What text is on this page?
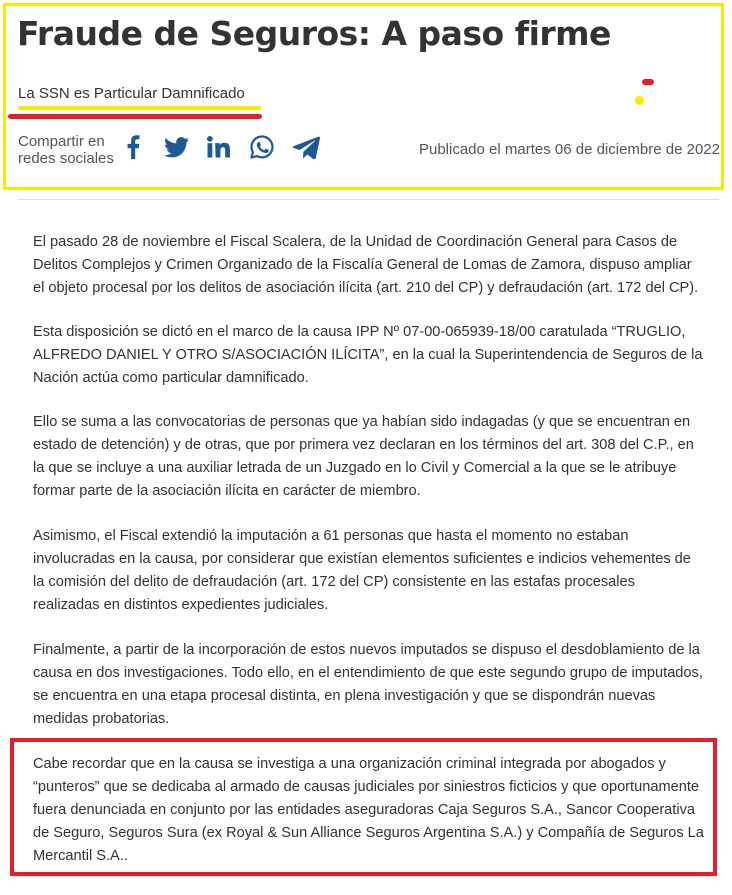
Fraude de Seguros: A paso firme
La SSN es Particular Damnificado
Compartir en redes sociales
Publicado el martes 06 de diciembre de 2022

El pasado 28 de noviembre el Fiscal Scalera, de la Unidad de Coordinación General para Casos de Delitos Complejos y Crimen Organizado de la Fiscalía General de Lomas de Zamora, dispuso ampliar el objeto procesal por los delitos de asociación ilícita (art. 210 del CP) y defraudación (art. 172 del CP).

Esta disposición se dictó en el marco de la causa IPP Nº 07-00-065939-18/00 caratulada “TRUGLIO, ALFREDO DANIEL Y OTRO S/ASOCIACIÓN ILÍCITA”, en la cual la Superintendencia de Seguros de la Nación actúa como particular damnificado.

Ello se suma a las convocatorias de personas que ya habían sido indagadas (y que se encuentran en estado de detención) y de otras, que por primera vez declaran en los términos del art. 308 del C.P., en la que se incluye a una auxiliar letrada de un Juzgado en lo Civil y Comercial a la que se le atribuye formar parte de la asociación ilícita en carácter de miembro.

Asimismo, el Fiscal extendió la imputación a 61 personas que hasta el momento no estaban involucradas en la causa, por considerar que existían elementos suficientes e indicios vehementes de la comisión del delito de defraudación (art. 172 del CP) consistente en las estafas procesales realizadas en distintos expedientes judiciales.

Finalmente, a partir de la incorporación de estos nuevos imputados se dispuso el desdoblamiento de la causa en dos investigaciones. Todo ello, en el entendimiento de que este segundo grupo de imputados, se encuentra en una etapa procesal distinta, en plena investigación y que se dispondrán nuevas medidas probatorias.

Cabe recordar que en la causa se investiga a una organización criminal integrada por abogados y “punteros” que se dedicaba al armado de causas judiciales por siniestros ficticios y que oportunamente fuera denunciada en conjunto por las entidades aseguradoras Caja Seguros S.A., Sancor Cooperativa de Seguro, Seguros Sura (ex Royal & Sun Alliance Seguros Argentina S.A.) y Compañía de Seguros La Mercantil S.A..
